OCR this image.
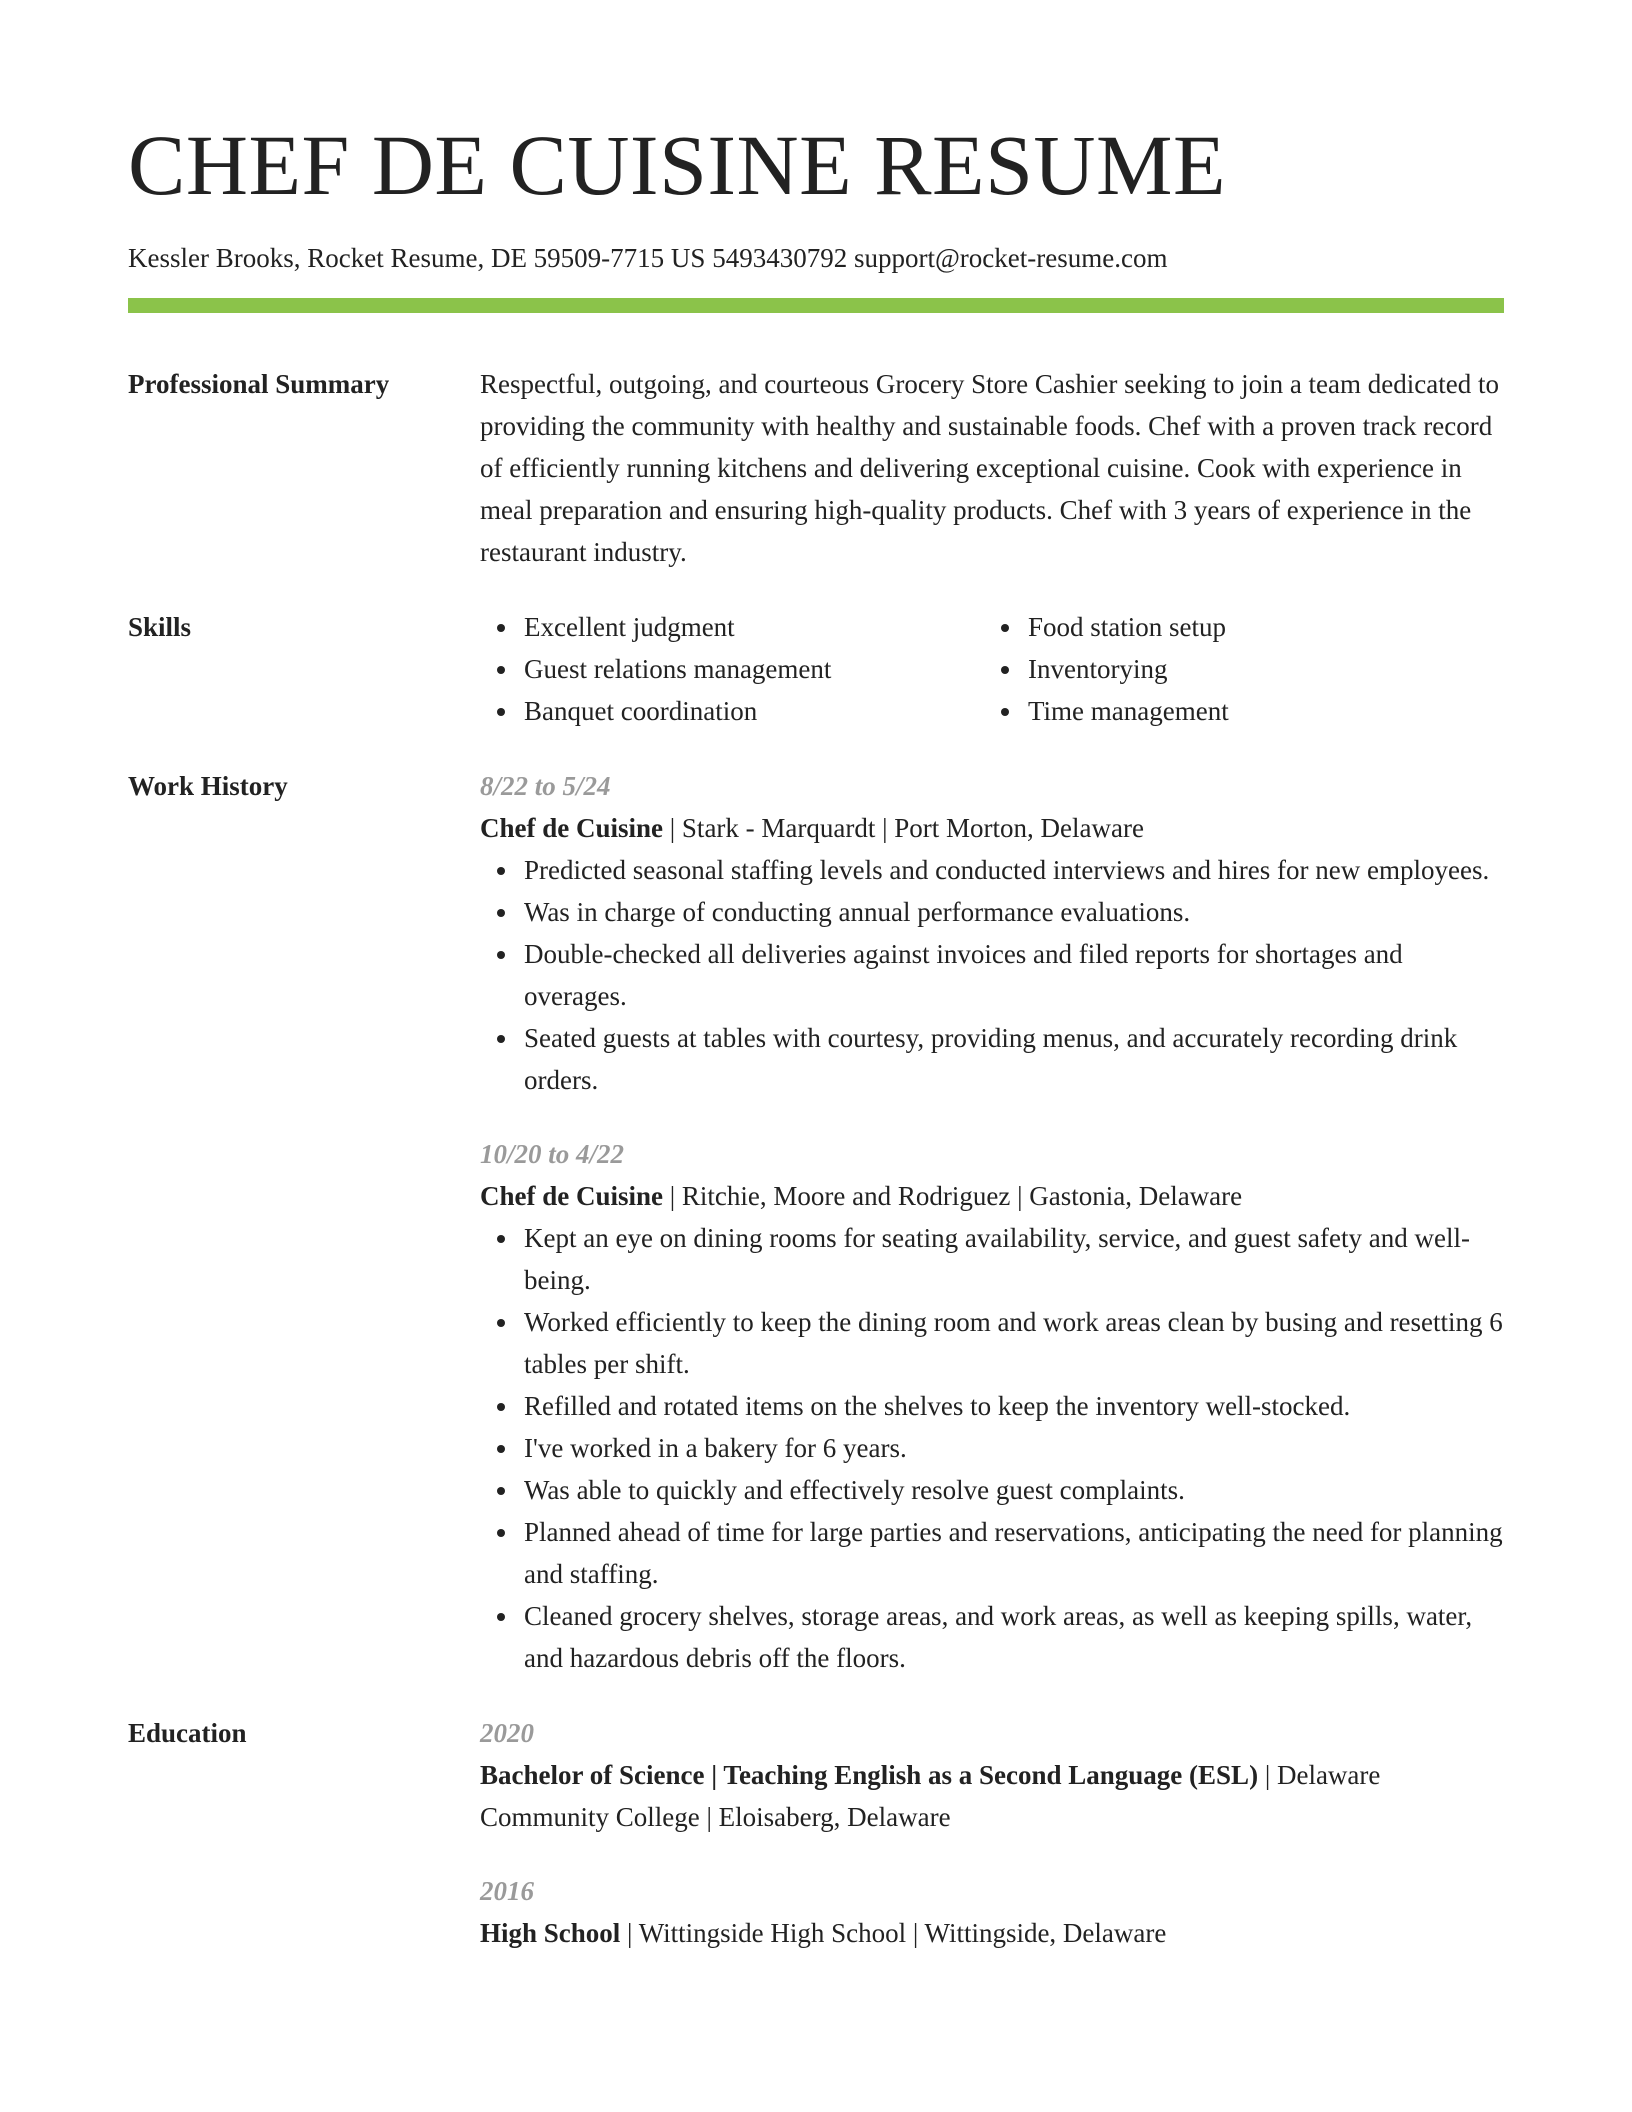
CHEF DE CUISINE RESUME

Kessler Brooks, Rocket Resume, DE 59509-7715 US 5493430792 support@rocket-resume.com

Professional Summary	Respectful, outgoing, and courteous Grocery Store Cashier seeking to join a team dedicated to providing the community with healthy and sustainable foods. Chef with a proven track record of efficiently running kitchens and delivering exceptional cuisine. Cook with experience in meal preparation and ensuring high-quality products. Chef with 3 years of experience in the restaurant industry.

Skills	Excellent judgment
Guest relations management
Banquet coordination
Food station setup
Inventorying
Time management
Work History	8/22 to 5/24

Chef de Cuisine | Stark - Marquardt | Port Morton, Delaware

Predicted seasonal staffing levels and conducted interviews and hires for new employees.
Was in charge of conducting annual performance evaluations.
Double-checked all deliveries against invoices and filed reports for shortages and overages.
Seated guests at tables with courtesy, providing menus, and accurately recording drink orders.
10/20 to 4/22

Chef de Cuisine | Ritchie, Moore and Rodriguez | Gastonia, Delaware

Kept an eye on dining rooms for seating availability, service, and guest safety and well-being.
Worked efficiently to keep the dining room and work areas clean by busing and resetting 6 tables per shift.
Refilled and rotated items on the shelves to keep the inventory well-stocked.
I've worked in a bakery for 6 years.
Was able to quickly and effectively resolve guest complaints.
Planned ahead of time for large parties and reservations, anticipating the need for planning and staffing.
Cleaned grocery shelves, storage areas, and work areas, as well as keeping spills, water, and hazardous debris off the floors.
Education	2020

Bachelor of Science | Teaching English as a Second Language (ESL) | Delaware Community College | Eloisaberg, Delaware

2016

High School | Wittingside High School | Wittingside, Delaware
